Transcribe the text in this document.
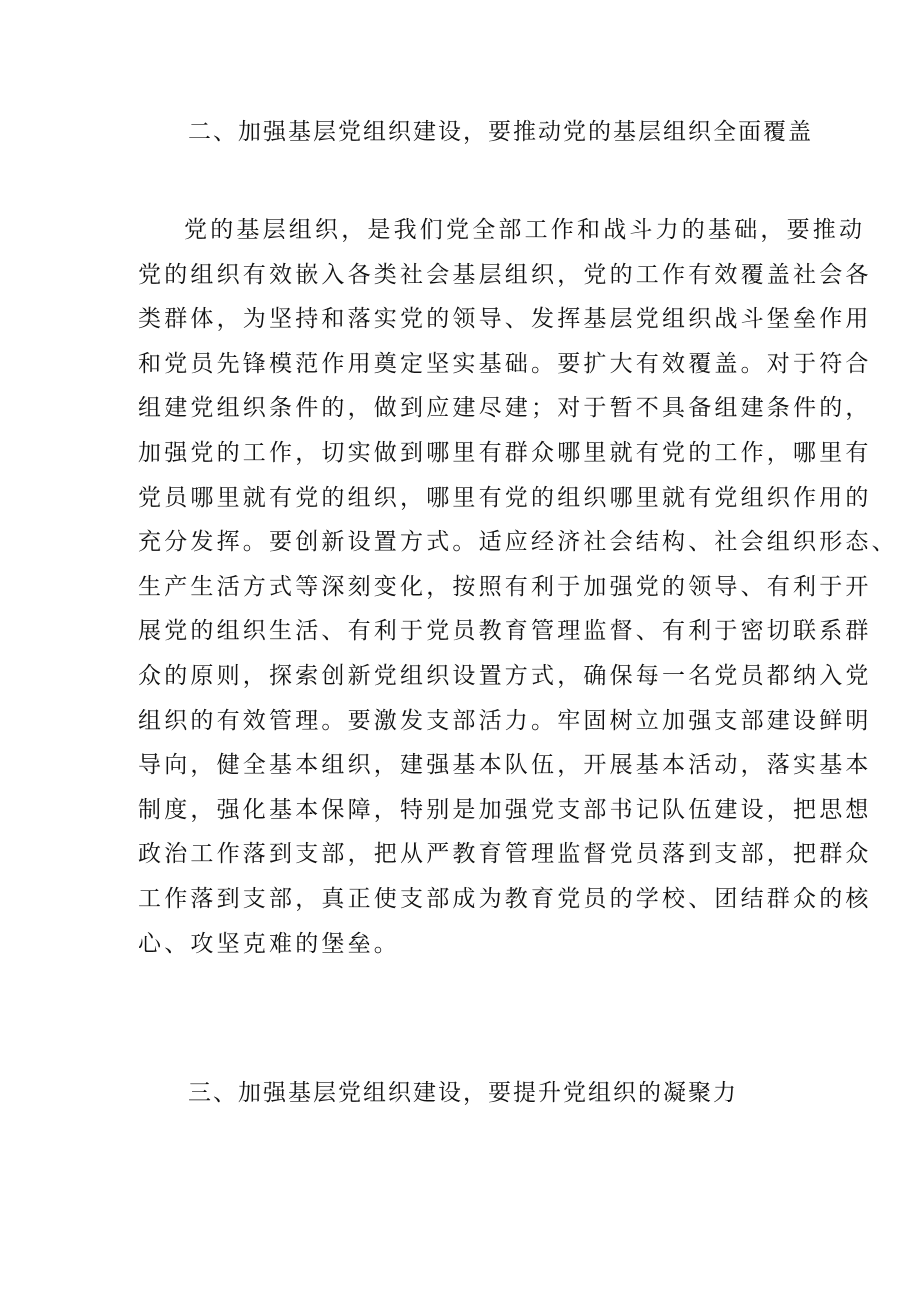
二、加强基层党组织建设，要推动党的基层组织全面覆盖
党的基层组织，是我们党全部工作和战斗力的基础，要推动
党的组织有效嵌入各类社会基层组织，党的工作有效覆盖社会各
类群体，为坚持和落实党的领导、发挥基层党组织战斗堡垒作用
和党员先锋模范作用奠定坚实基础。要扩大有效覆盖。对于符合
组建党组织条件的，做到应建尽建；对于暂不具备组建条件的，
加强党的工作，切实做到哪里有群众哪里就有党的工作，哪里有
党员哪里就有党的组织，哪里有党的组织哪里就有党组织作用的
充分发挥。要创新设置方式。适应经济社会结构、社会组织形态、
生产生活方式等深刻变化，按照有利于加强党的领导、有利于开
展党的组织生活、有利于党员教育管理监督、有利于密切联系群
众的原则，探索创新党组织设置方式，确保每一名党员都纳入党
组织的有效管理。要激发支部活力。牢固树立加强支部建设鲜明
导向，健全基本组织，建强基本队伍，开展基本活动，落实基本
制度，强化基本保障，特别是加强党支部书记队伍建设，把思想
政治工作落到支部，把从严教育管理监督党员落到支部，把群众
工作落到支部，真正使支部成为教育党员的学校、团结群众的核
心、攻坚克难的堡垒。
三、加强基层党组织建设，要提升党组织的凝聚力
